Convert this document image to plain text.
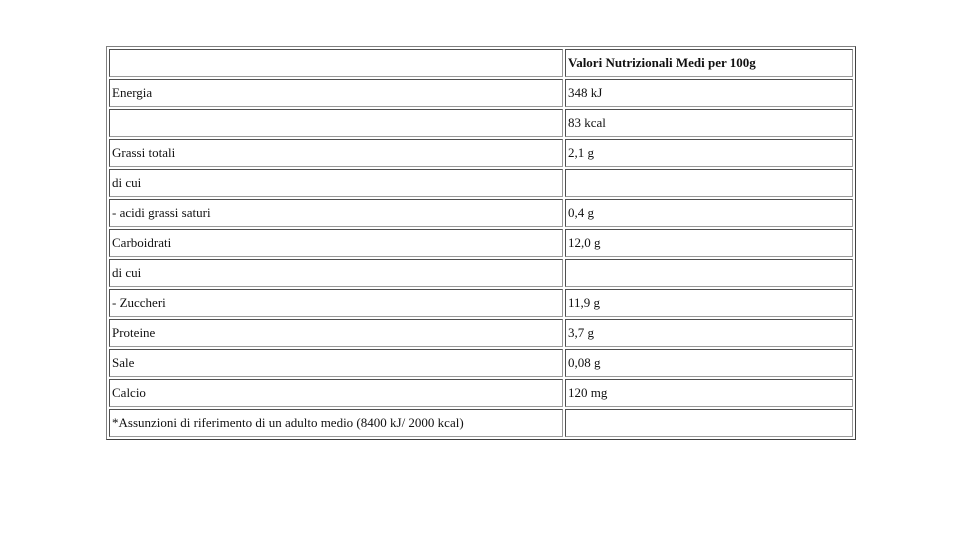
	Valori Nutrizionali Medi per 100g
Energia	348 kJ
	83 kcal
Grassi totali	2,1 g
di cui	
- acidi grassi saturi	0,4 g
Carboidrati	12,0 g
di cui	
- Zuccheri	11,9 g
Proteine	3,7 g
Sale	0,08 g
Calcio	120 mg
*Assunzioni di riferimento di un adulto medio (8400 kJ/ 2000 kcal)	
